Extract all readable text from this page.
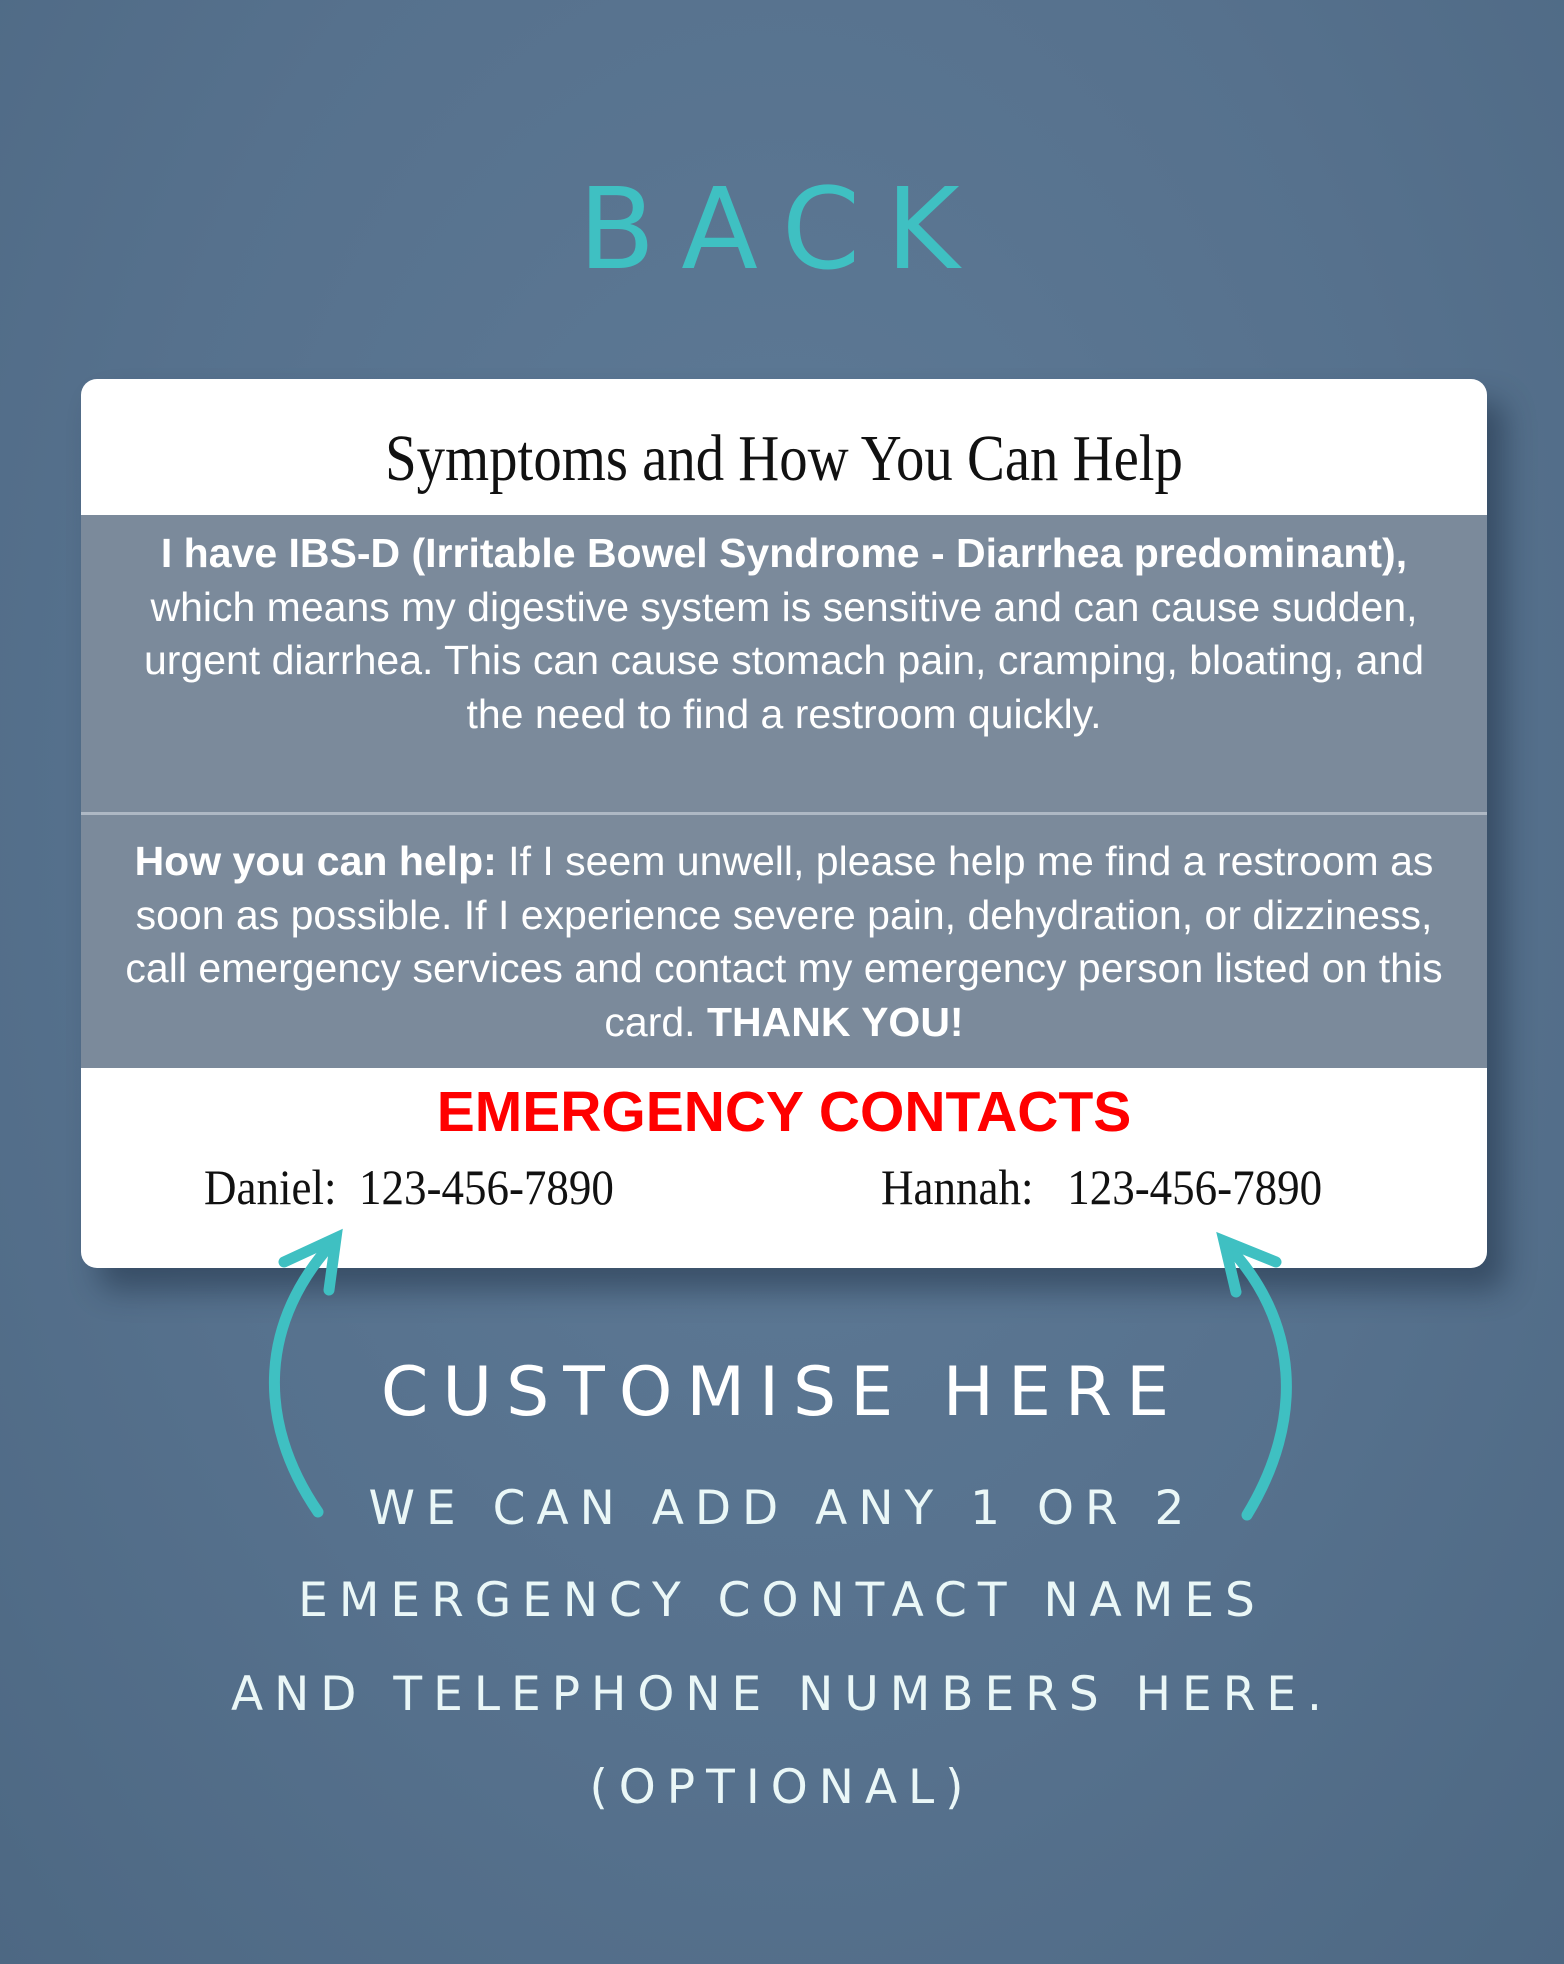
BACK
Symptoms and How You Can Help
I have IBS-D (Irritable Bowel Syndrome - Diarrhea predominant), which means my digestive system is sensitive and can cause sudden, urgent diarrhea. This can cause stomach pain, cramping, bloating, and the need to find a restroom quickly.
How you can help: If I seem unwell, please help me find a restroom as soon as possible. If I experience severe pain, dehydration, or dizziness, call emergency services and contact my emergency person listed on this card. THANK YOU!
EMERGENCY CONTACTS
Daniel: 123-456-7890	Hannah: 123-456-7890
CUSTOMISE HERE
WE CAN ADD ANY 1 OR 2
EMERGENCY CONTACT NAMES
AND TELEPHONE NUMBERS HERE.
(OPTIONAL)
